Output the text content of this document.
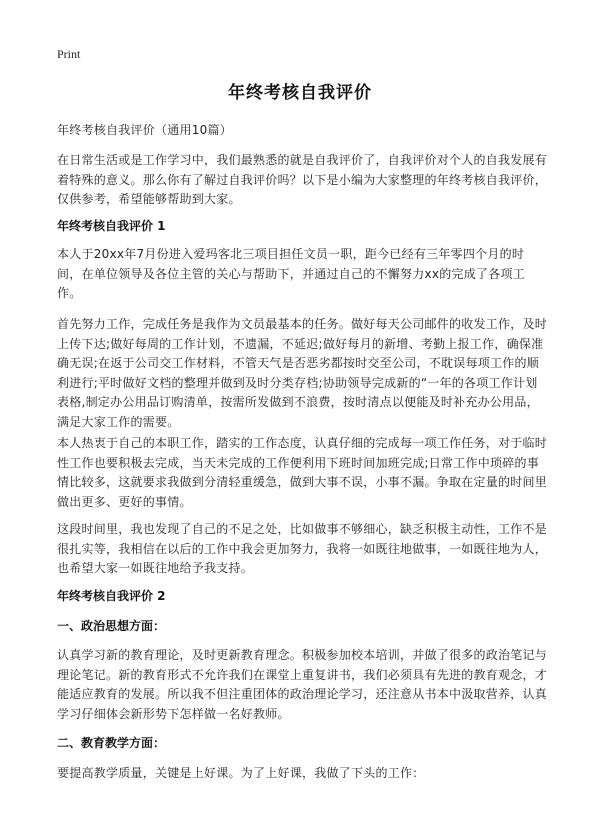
Print
年终考核自我评价
年终考核自我评价（通用10篇）
在日常生活或是工作学习中，我们最熟悉的就是自我评价了，自我评价对个人的自我发展有着特殊的意义。那么你有了解过自我评价吗？以下是小编为大家整理的年终考核自我评价，仅供参考，希望能够帮助到大家。
年终考核自我评价 1
本人于20xx年7月份进入爱玛客北三项目担任文员一职，距今已经有三年零四个月的时间，在单位领导及各位主管的关心与帮助下，并通过自己的不懈努力xx的完成了各项工作。
首先努力工作，完成任务是我作为文员最基本的任务。做好每天公司邮件的收发工作，及时上传下达;做好每周的工作计划，不遗漏，不延迟;做好每月的新增、考勤上报工作，确保准确无误;在返于公司交工作材料，不管天气是否恶劣都按时交至公司，不耽误每项工作的顺利进行;平时做好文档的整理并做到及时分类存档;协助领导完成新的“一年的各项工作计划表格,制定办公用品订购清单，按需所发做到不浪费，按时清点以便能及时补充办公用品，满足大家工作的需要。
本人热衷于自己的本职工作，踏实的工作态度，认真仔细的完成每一项工作任务，对于临时性工作也要积极去完成，当天未完成的工作便利用下班时间加班完成;日常工作中琐碎的事情比较多，这就要求我做到分清轻重缓急，做到大事不误，小事不漏。争取在定量的时间里做出更多、更好的事情。
这段时间里，我也发现了自己的不足之处，比如做事不够细心，缺乏积极主动性，工作不是很扎实等，我相信在以后的工作中我会更加努力，我将一如既往地做事，一如既往地为人，也希望大家一如既往地给予我支持。
年终考核自我评价 2
一、政治思想方面：
认真学习新的教育理论，及时更新教育理念。积极参加校本培训，并做了很多的政治笔记与理论笔记。新的教育形式不允许我们在课堂上重复讲书，我们必须具有先进的教育观念，才能适应教育的发展。所以我不但注重团体的政治理论学习，还注意从书本中汲取营养，认真学习仔细体会新形势下怎样做一名好教师。
二、教育教学方面：
要提高教学质量，关键是上好课。为了上好课，我做了下头的工作：
